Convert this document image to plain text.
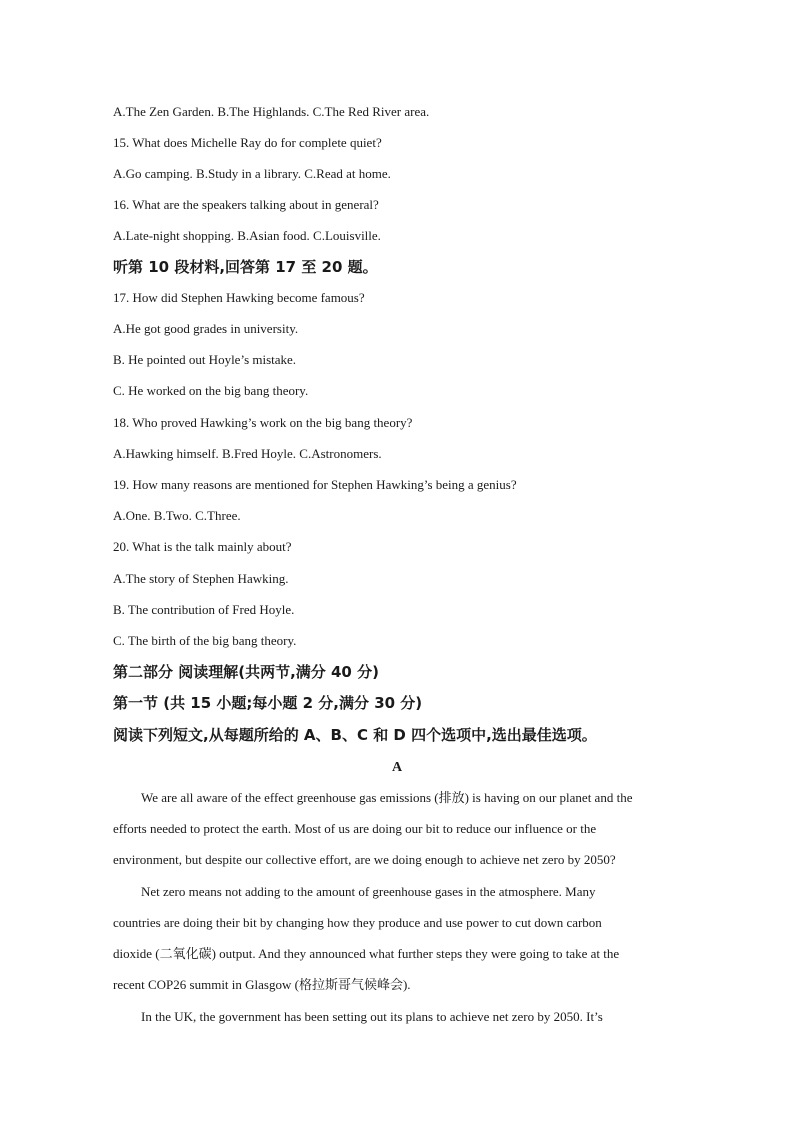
A.The Zen Garden. B.The Highlands. C.The Red River area.
15. What does Michelle Ray do for complete quiet?
A.Go camping. B.Study in a library. C.Read at home.
16. What are the speakers talking about in general?
A.Late-night shopping. B.Asian food. C.Louisville.
听第 10 段材料,回答第 17 至 20 题。
17. How did Stephen Hawking become famous?
A.He got good grades in university.
B. He pointed out Hoyle’s mistake.
C. He worked on the big bang theory.
18. Who proved Hawking’s work on the big bang theory?
A.Hawking himself. B.Fred Hoyle. C.Astronomers.
19. How many reasons are mentioned for Stephen Hawking’s being a genius?
A.One. B.Two. C.Three.
20. What is the talk mainly about?
A.The story of Stephen Hawking.
B. The contribution of Fred Hoyle.
C. The birth of the big bang theory.
第二部分 阅读理解(共两节,满分 40 分)
第一节 (共 15 小题;每小题 2 分,满分 30 分)
阅读下列短文,从每题所给的 A、B、C 和 D 四个选项中,选出最佳选项。
A
We are all aware of the effect greenhouse gas emissions (排放) is having on our planet and the
efforts needed to protect the earth. Most of us are doing our bit to reduce our influence or the
environment, but despite our collective effort, are we doing enough to achieve net zero by 2050?
Net zero means not adding to the amount of greenhouse gases in the atmosphere. Many
countries are doing their bit by changing how they produce and use power to cut down carbon
dioxide (二氧化碳) output. And they announced what further steps they were going to take at the
recent COP26 summit in Glasgow (格拉斯哥气候峰会).
In the UK, the government has been setting out its plans to achieve net zero by 2050. It’s
